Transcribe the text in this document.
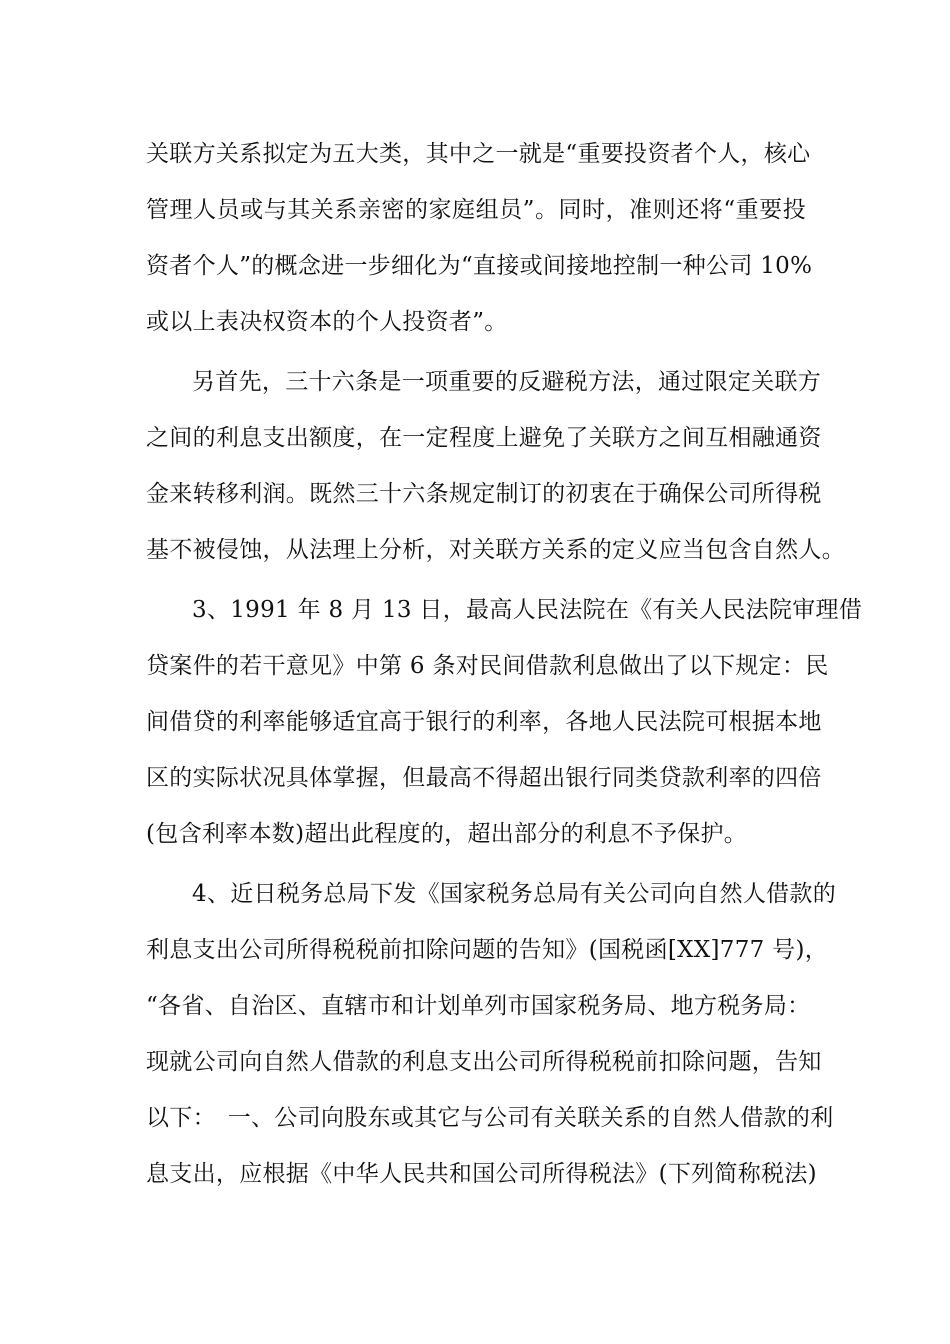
关联方关系拟定为五大类，其中之一就是“重要投资者个人，核心
管理人员或与其关系亲密的家庭组员”。同时，准则还将“重要投
资者个人”的概念进一步细化为“直接或间接地控制一种公司 10%
或以上表决权资本的个人投资者”。
另首先，三十六条是一项重要的反避税方法，通过限定关联方
之间的利息支出额度，在一定程度上避免了关联方之间互相融通资
金来转移利润。既然三十六条规定制订的初衷在于确保公司所得税
基不被侵蚀，从法理上分析，对关联方关系的定义应当包含自然人。
3、1991 年 8 月 13 日，最高人民法院在《有关人民法院审理借
贷案件的若干意见》中第 6 条对民间借款利息做出了以下规定：民
间借贷的利率能够适宜高于银行的利率，各地人民法院可根据本地
区的实际状况具体掌握，但最高不得超出银行同类贷款利率的四倍
(包含利率本数)超出此程度的，超出部分的利息不予保护。
4、近日税务总局下发《国家税务总局有关公司向自然人借款的
利息支出公司所得税税前扣除问题的告知》(国税函[XX]777 号)，
“各省、自治区、直辖市和计划单列市国家税务局、地方税务局：
现就公司向自然人借款的利息支出公司所得税税前扣除问题，告知
以下：　一、公司向股东或其它与公司有关联关系的自然人借款的利
息支出，应根据《中华人民共和国公司所得税法》(下列简称税法)
